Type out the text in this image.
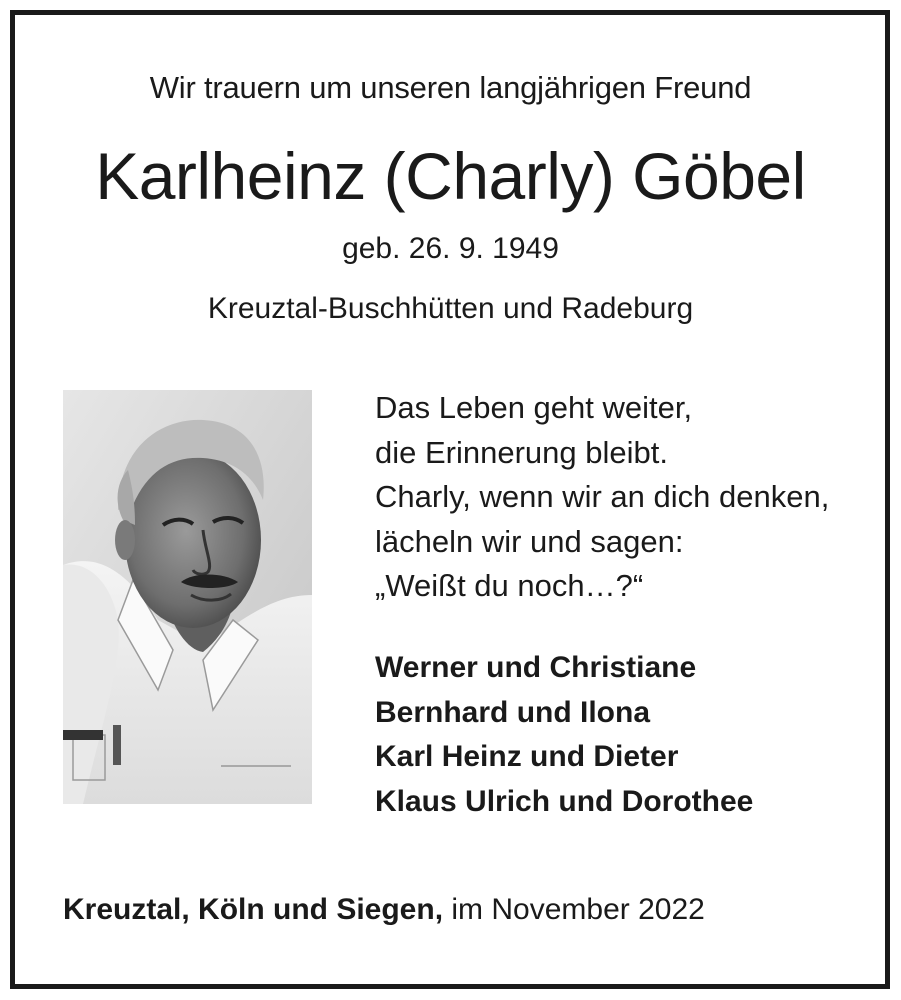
Wir trauern um unseren langjährigen Freund
Karlheinz (Charly) Göbel
geb. 26. 9. 1949
Kreuztal-Buschhütten und Radeburg
Das Leben geht weiter,
die Erinnerung bleibt.
Charly, wenn wir an dich denken,
lächeln wir und sagen:
„Weißt du noch…?“
Werner und Christiane
Bernhard und Ilona
Karl Heinz und Dieter
Klaus Ulrich und Dorothee
Kreuztal, Köln und Siegen, im November 2022
